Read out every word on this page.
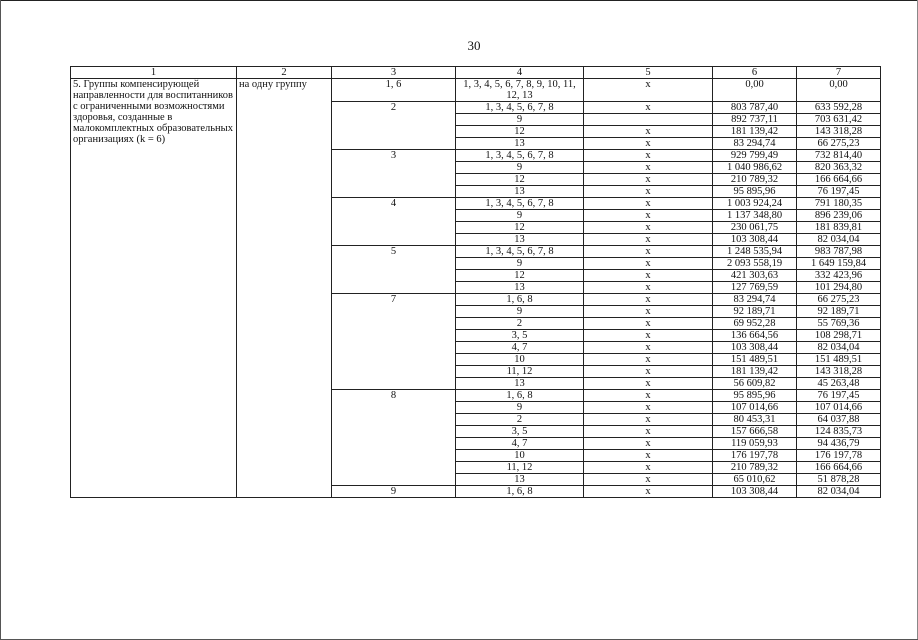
30
1	2	3	4	5	6	7
5. Группы компенсирующей направленности для воспитанников с ограниченными возможностями здоровья, созданные в малокомплектных образовательных организациях (k = 6)	на одну группу	1, 6	1, 3, 4, 5, 6, 7, 8, 9, 10, 11, 12, 13	x	0,00	0,00
		2	1, 3, 4, 5, 6, 7, 8	x	803 787,40	633 592,28
			9		892 737,11	703 631,42
			12	x	181 139,42	143 318,28
			13	x	83 294,74	66 275,23
		3	1, 3, 4, 5, 6, 7, 8	x	929 799,49	732 814,40
			9	x	1 040 986,62	820 363,32
			12	x	210 789,32	166 664,66
			13	x	95 895,96	76 197,45
		4	1, 3, 4, 5, 6, 7, 8	x	1 003 924,24	791 180,35
			9	x	1 137 348,80	896 239,06
			12	x	230 061,75	181 839,81
			13	x	103 308,44	82 034,04
		5	1, 3, 4, 5, 6, 7, 8	x	1 248 535,94	983 787,98
			9	x	2 093 558,19	1 649 159,84
			12	x	421 303,63	332 423,96
			13	x	127 769,59	101 294,80
		7	1, 6, 8	x	83 294,74	66 275,23
			9	x	92 189,71	92 189,71
			2	x	69 952,28	55 769,36
			3, 5	x	136 664,56	108 298,71
			4, 7	x	103 308,44	82 034,04
			10	x	151 489,51	151 489,51
			11, 12	x	181 139,42	143 318,28
			13	x	56 609,82	45 263,48
		8	1, 6, 8	x	95 895,96	76 197,45
			9	x	107 014,66	107 014,66
			2	x	80 453,31	64 037,88
			3, 5	x	157 666,58	124 835,73
			4, 7	x	119 059,93	94 436,79
			10	x	176 197,78	176 197,78
			11, 12	x	210 789,32	166 664,66
			13	x	65 010,62	51 878,28
		9	1, 6, 8	x	103 308,44	82 034,04
